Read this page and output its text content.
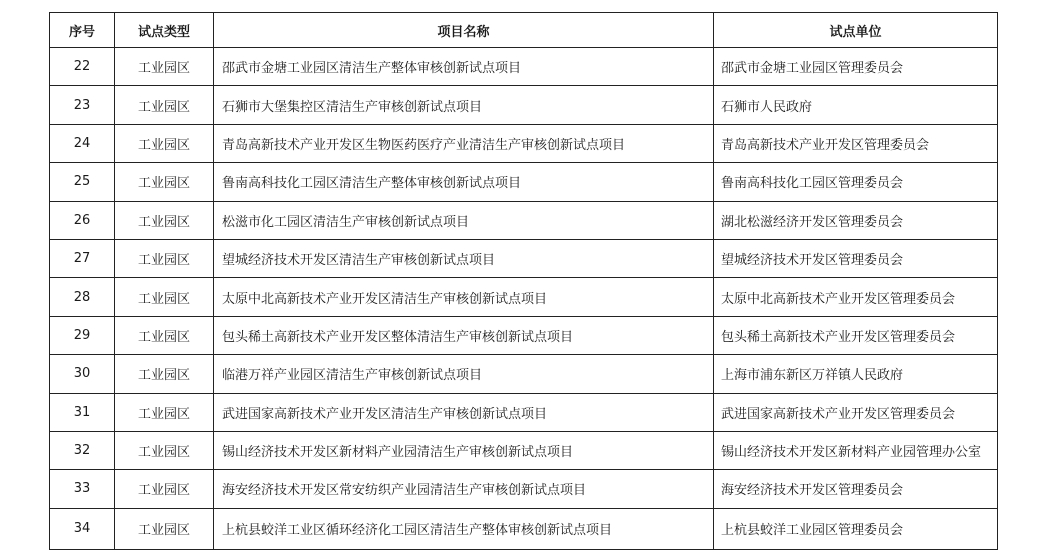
序号	试点类型	项目名称	试点单位
22	工业园区	邵武市金塘工业园区清洁生产整体审核创新试点项目	邵武市金塘工业园区管理委员会
23	工业园区	石狮市大堡集控区清洁生产审核创新试点项目	石狮市人民政府
24	工业园区	青岛高新技术产业开发区生物医药医疗产业清洁生产审核创新试点项目	青岛高新技术产业开发区管理委员会
25	工业园区	鲁南高科技化工园区清洁生产整体审核创新试点项目	鲁南高科技化工园区管理委员会
26	工业园区	松滋市化工园区清洁生产审核创新试点项目	湖北松滋经济开发区管理委员会
27	工业园区	望城经济技术开发区清洁生产审核创新试点项目	望城经济技术开发区管理委员会
28	工业园区	太原中北高新技术产业开发区清洁生产审核创新试点项目	太原中北高新技术产业开发区管理委员会
29	工业园区	包头稀土高新技术产业开发区整体清洁生产审核创新试点项目	包头稀土高新技术产业开发区管理委员会
30	工业园区	临港万祥产业园区清洁生产审核创新试点项目	上海市浦东新区万祥镇人民政府
31	工业园区	武进国家高新技术产业开发区清洁生产审核创新试点项目	武进国家高新技术产业开发区管理委员会
32	工业园区	锡山经济技术开发区新材料产业园清洁生产审核创新试点项目	锡山经济技术开发区新材料产业园管理办公室
33	工业园区	海安经济技术开发区常安纺织产业园清洁生产审核创新试点项目	海安经济技术开发区管理委员会
34	工业园区	上杭县蛟洋工业区循环经济化工园区清洁生产整体审核创新试点项目	上杭县蛟洋工业园区管理委员会
